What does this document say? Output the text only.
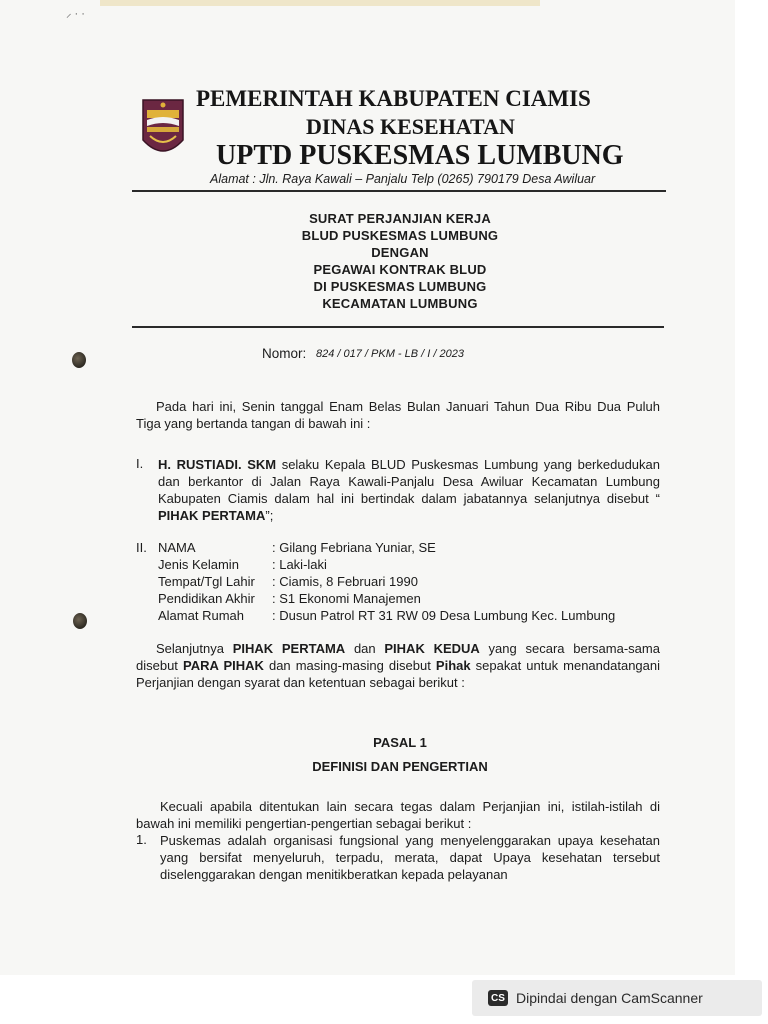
⸝ · ·
PEMERINTAH KABUPATEN CIAMIS
DINAS KESEHATAN
UPTD PUSKESMAS LUMBUNG
Alamat : Jln. Raya Kawali – Panjalu Telp (0265) 790179 Desa Awiluar
SURAT PERJANJIAN KERJA
BLUD PUSKESMAS LUMBUNG
DENGAN
PEGAWAI KONTRAK BLUD
DI PUSKESMAS LUMBUNG
KECAMATAN LUMBUNG
Nomor: 824 / 017 / PKM - LB / I / 2023
Pada hari ini, Senin tanggal Enam Belas Bulan Januari Tahun Dua Ribu Dua Puluh Tiga yang bertanda tangan di bawah ini :
I. H. RUSTIADI. SKM selaku Kepala BLUD Puskesmas Lumbung yang berkedudukan dan berkantor di Jalan Raya Kawali-Panjalu Desa Awiluar Kecamatan Lumbung Kabupaten Ciamis dalam hal ini bertindak dalam jabatannya selanjutnya disebut “ PIHAK PERTAMA”;
II. NAMA	: Gilang Febriana Yuniar, SE
Jenis Kelamin	: Laki-laki
Tempat/Tgl Lahir : Ciamis, 8 Februari 1990
Pendidikan Akhir : S1 Ekonomi Manajemen
Alamat Rumah : Dusun Patrol RT 31 RW 09 Desa Lumbung Kec. Lumbung
Selanjutnya PIHAK PERTAMA dan PIHAK KEDUA yang secara bersama-sama disebut PARA PIHAK dan masing-masing disebut Pihak sepakat untuk menandatangani Perjanjian dengan syarat dan ketentuan sebagai berikut :
PASAL 1
DEFINISI DAN PENGERTIAN
Kecuali apabila ditentukan lain secara tegas dalam Perjanjian ini, istilah-istilah di bawah ini memiliki pengertian-pengertian sebagai berikut :
1. Puskemas adalah organisasi fungsional yang menyelenggarakan upaya kesehatan yang bersifat menyeluruh, terpadu, merata, dapat Upaya kesehatan tersebut diselenggarakan dengan menitikberatkan kepada pelayanan
CS Dipindai dengan CamScanner
